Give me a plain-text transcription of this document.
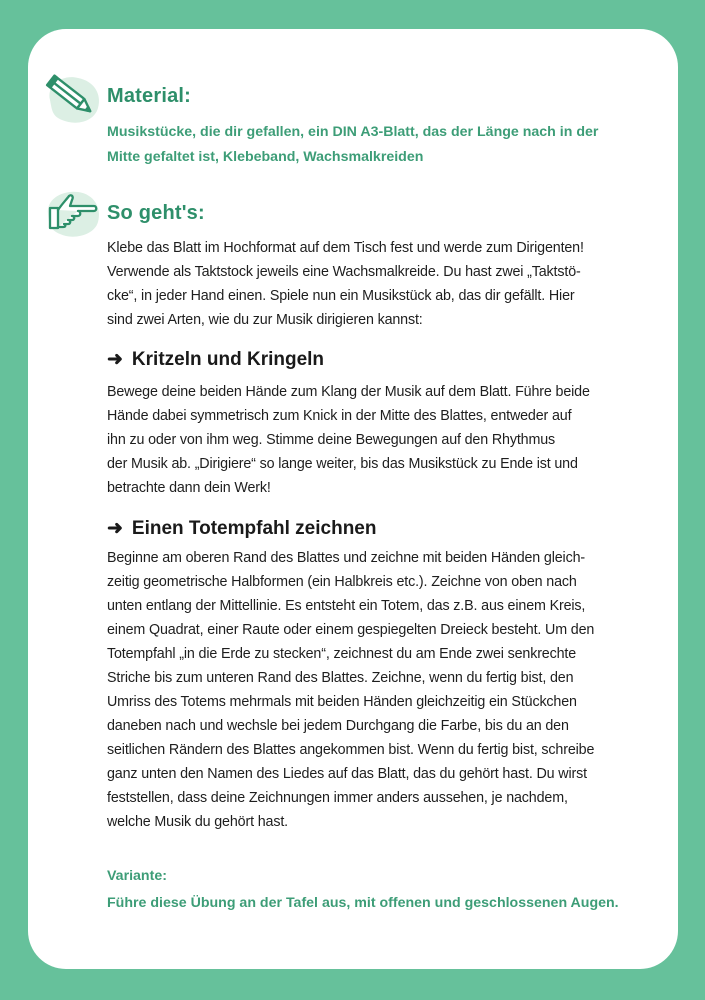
Material:
Musikstücke, die dir gefallen, ein DIN A3-Blatt, das der Länge nach in der
Mitte gefaltet ist, Klebeband, Wachsmalkreiden
So geht's:
Klebe das Blatt im Hochformat auf dem Tisch fest und werde zum Dirigenten!
Verwende als Taktstock jeweils eine Wachsmalkreide. Du hast zwei „Taktstö-
cke“, in jeder Hand einen. Spiele nun ein Musikstück ab, das dir gefällt. Hier
sind zwei Arten, wie du zur Musik dirigieren kannst:
➜ Kritzeln und Kringeln
Bewege deine beiden Hände zum Klang der Musik auf dem Blatt. Führe beide
Hände dabei symmetrisch zum Knick in der Mitte des Blattes, entweder auf
ihn zu oder von ihm weg. Stimme deine Bewegungen auf den Rhythmus
der Musik ab. „Dirigiere“ so lange weiter, bis das Musikstück zu Ende ist und
betrachte dann dein Werk!
➜ Einen Totempfahl zeichnen
Beginne am oberen Rand des Blattes und zeichne mit beiden Händen gleich-
zeitig geometrische Halbformen (ein Halbkreis etc.). Zeichne von oben nach
unten entlang der Mittellinie. Es entsteht ein Totem, das z.B. aus einem Kreis,
einem Quadrat, einer Raute oder einem gespiegelten Dreieck besteht. Um den
Totempfahl „in die Erde zu stecken“, zeichnest du am Ende zwei senkrechte
Striche bis zum unteren Rand des Blattes. Zeichne, wenn du fertig bist, den
Umriss des Totems mehrmals mit beiden Händen gleichzeitig ein Stückchen
daneben nach und wechsle bei jedem Durchgang die Farbe, bis du an den
seitlichen Rändern des Blattes angekommen bist. Wenn du fertig bist, schreibe
ganz unten den Namen des Liedes auf das Blatt, das du gehört hast. Du wirst
feststellen, dass deine Zeichnungen immer anders aussehen, je nachdem,
welche Musik du gehört hast.
Variante:
Führe diese Übung an der Tafel aus, mit offenen und geschlossenen Augen.
